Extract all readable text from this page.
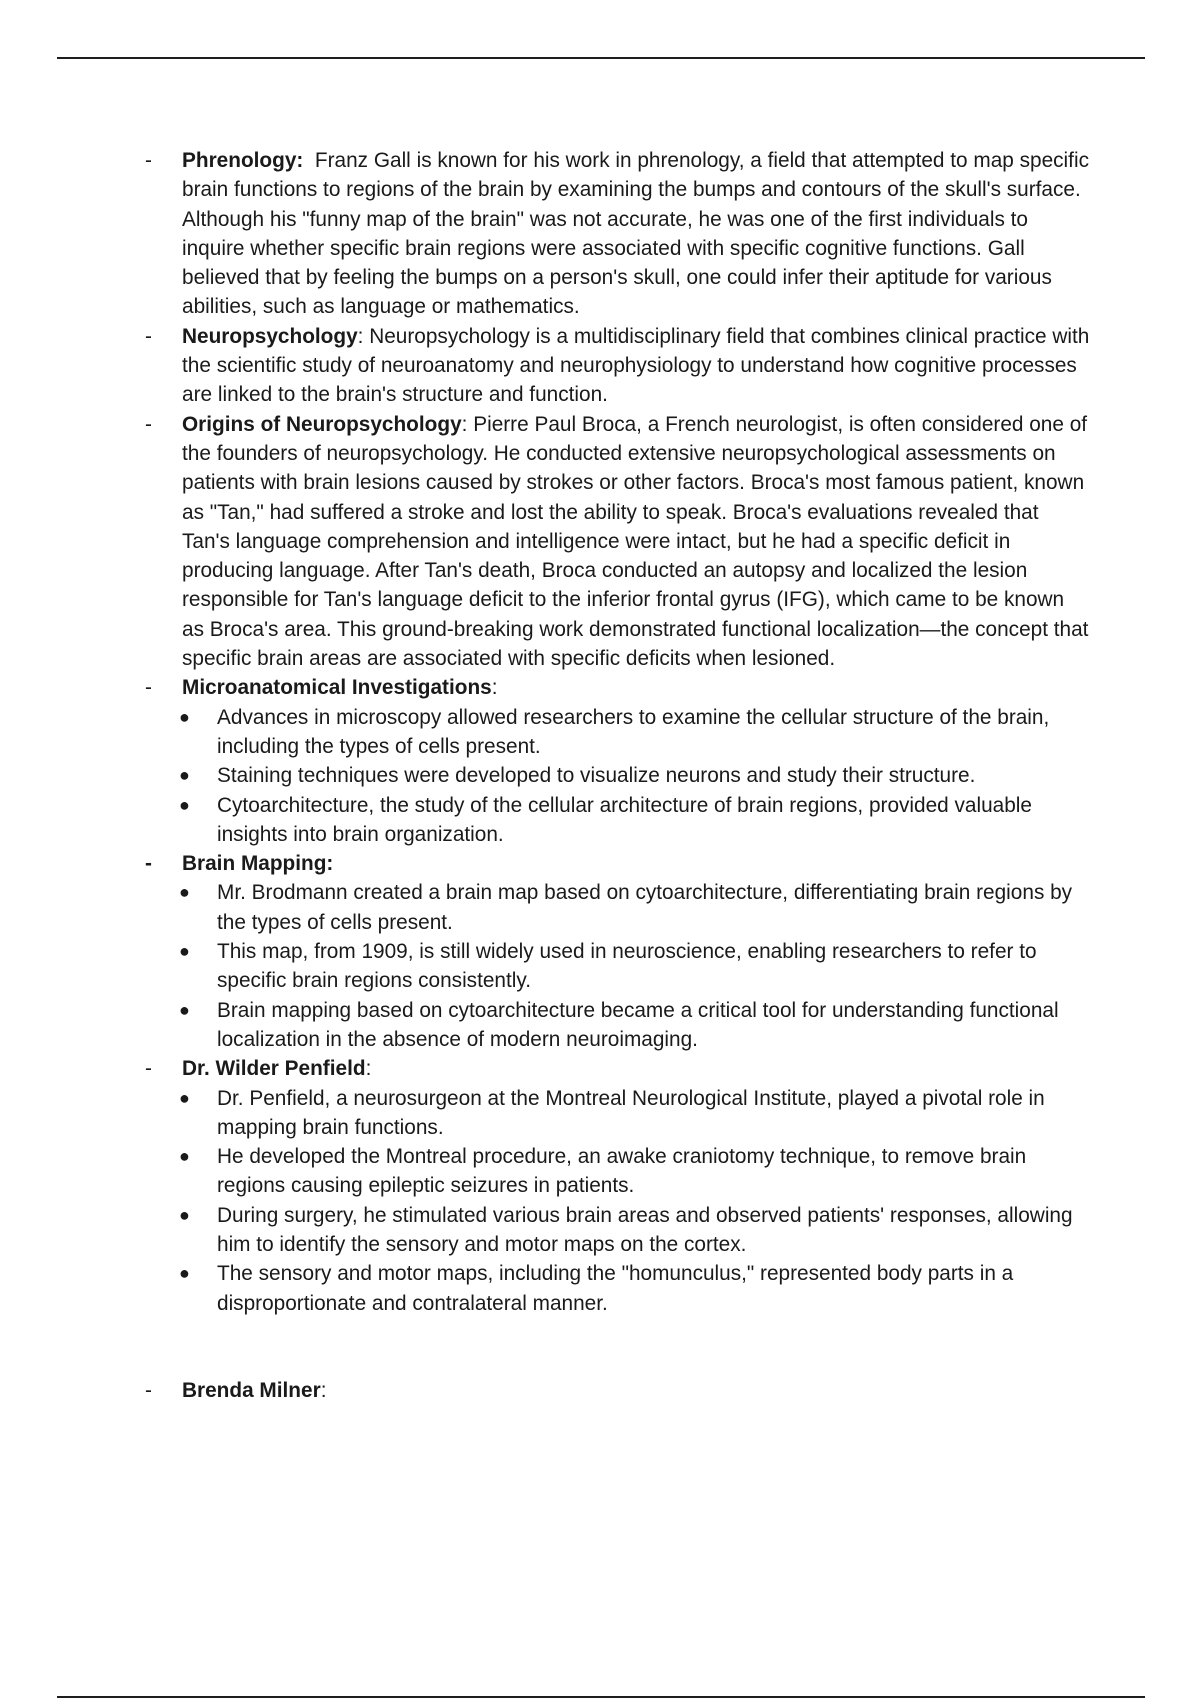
- Phrenology:  Franz Gall is known for his work in phrenology, a field that attempted to map specific brain functions to regions of the brain by examining the bumps and contours of the skull's surface. Although his "funny map of the brain" was not accurate, he was one of the first individuals to inquire whether specific brain regions were associated with specific cognitive functions. Gall believed that by feeling the bumps on a person's skull, one could infer their aptitude for various abilities, such as language or mathematics.
- Neuropsychology: Neuropsychology is a multidisciplinary field that combines clinical practice with the scientific study of neuroanatomy and neurophysiology to understand how cognitive processes are linked to the brain's structure and function.
- Origins of Neuropsychology: Pierre Paul Broca, a French neurologist, is often considered one of the founders of neuropsychology. He conducted extensive neuropsychological assessments on patients with brain lesions caused by strokes or other factors. Broca's most famous patient, known as "Tan," had suffered a stroke and lost the ability to speak. Broca's evaluations revealed that Tan's language comprehension and intelligence were intact, but he had a specific deficit in producing language. After Tan's death, Broca conducted an autopsy and localized the lesion responsible for Tan's language deficit to the inferior frontal gyrus (IFG), which came to be known as Broca's area. This ground-breaking work demonstrated functional localization—the concept that specific brain areas are associated with specific deficits when lesioned.
- Microanatomical Investigations:
● Advances in microscopy allowed researchers to examine the cellular structure of the brain, including the types of cells present.
● Staining techniques were developed to visualize neurons and study their structure.
● Cytoarchitecture, the study of the cellular architecture of brain regions, provided valuable insights into brain organization.
- Brain Mapping:
● Mr. Brodmann created a brain map based on cytoarchitecture, differentiating brain regions by the types of cells present.
● This map, from 1909, is still widely used in neuroscience, enabling researchers to refer to specific brain regions consistently.
● Brain mapping based on cytoarchitecture became a critical tool for understanding functional localization in the absence of modern neuroimaging.
- Dr. Wilder Penfield:
● Dr. Penfield, a neurosurgeon at the Montreal Neurological Institute, played a pivotal role in mapping brain functions.
● He developed the Montreal procedure, an awake craniotomy technique, to remove brain regions causing epileptic seizures in patients.
● During surgery, he stimulated various brain areas and observed patients' responses, allowing him to identify the sensory and motor maps on the cortex.
● The sensory and motor maps, including the "homunculus," represented body parts in a disproportionate and contralateral manner.
- Brenda Milner:
